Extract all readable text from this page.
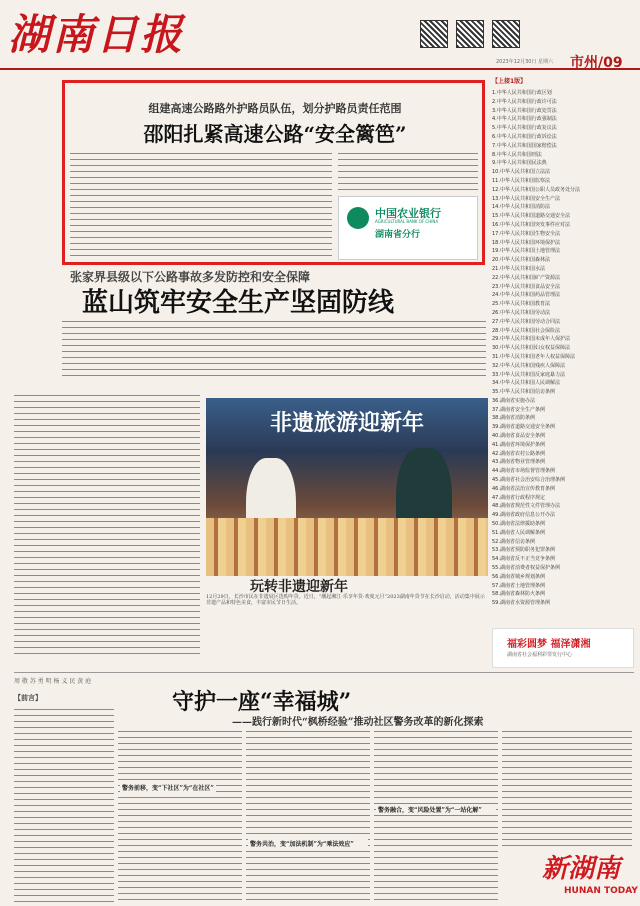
湖南日报
2023年12月30日 星期六 市州/09
组建高速公路路外护路员队伍，划分护路员责任范围
邵阳扎紧高速公路“安全篱笆”
中国农业银行
AGRICULTURAL BANK OF CHINA
湖南省分行
张家界县级以下公路事故多发防控和安全保障
蓝山筑牢安全生产坚固防线
非遗旅游迎新年
玩转非遗迎新年
12月29日，长沙市民在非遗展区选购年货。近日，“潮起湘江·乐享年货·欢度元旦”2023湖南年货节在长沙启动，活动集中展示非遗产品和特色美食，丰富市民节日生活。
【上接1版】
1.中华人民共和国行政区划
2.中华人民共和国行政许可法
3.中华人民共和国行政处罚法
4.中华人民共和国行政强制法
5.中华人民共和国行政复议法
6.中华人民共和国行政诉讼法
7.中华人民共和国国家赔偿法
8.中华人民共和国刑法
9.中华人民共和国民法典
10.中华人民共和国立法法
11.中华人民共和国监察法
12.中华人民共和国公职人员政务处分法
13.中华人民共和国安全生产法
14.中华人民共和国消防法
15.中华人民共和国道路交通安全法
16.中华人民共和国突发事件应对法
17.中华人民共和国生物安全法
18.中华人民共和国环境保护法
19.中华人民共和国土地管理法
20.中华人民共和国森林法
21.中华人民共和国水法
22.中华人民共和国矿产资源法
23.中华人民共和国食品安全法
24.中华人民共和国药品管理法
25.中华人民共和国教育法
26.中华人民共和国劳动法
27.中华人民共和国劳动合同法
28.中华人民共和国社会保险法
29.中华人民共和国未成年人保护法
30.中华人民共和国妇女权益保障法
31.中华人民共和国老年人权益保障法
32.中华人民共和国残疾人保障法
33.中华人民共和国反家庭暴力法
34.中华人民共和国人民调解法
35.中华人民共和国信访条例
36.湖南省实施办法
37.湖南省安全生产条例
38.湖南省消防条例
39.湖南省道路交通安全条例
40.湖南省食品安全条例
41.湖南省环境保护条例
42.湖南省农村公路条例
43.湖南省物业管理条例
44.湖南省市场监督管理条例
45.湖南省社会治安综合治理条例
46.湖南省法治宣传教育条例
47.湖南省行政程序规定
48.湖南省规范性文件管理办法
49.湖南省政府信息公开办法
50.湖南省法律援助条例
51.湖南省人民调解条例
52.湖南省信访条例
53.湖南省预防职务犯罪条例
54.湖南省反不正当竞争条例
55.湖南省消费者权益保护条例
56.湖南省城乡规划条例
57.湖南省土地管理条例
58.湖南省森林防火条例
59.湖南省水资源管理条例
福彩圆梦 福泽潇湘
湖南省社会福利彩票发行中心
周 敬 苏 勇 明 杨 义 民 黄 庭
【前言】	守护一座“幸福城”
——践行新时代“枫桥经验”推动社区警务改革的新化探索
警务前移，变“下社区”为“在社区”
警务融合，变“风险处置”为“一站化解”
警务共治，变“加法机制”为“乘法效应”
新湖南
HUNAN TODAY
